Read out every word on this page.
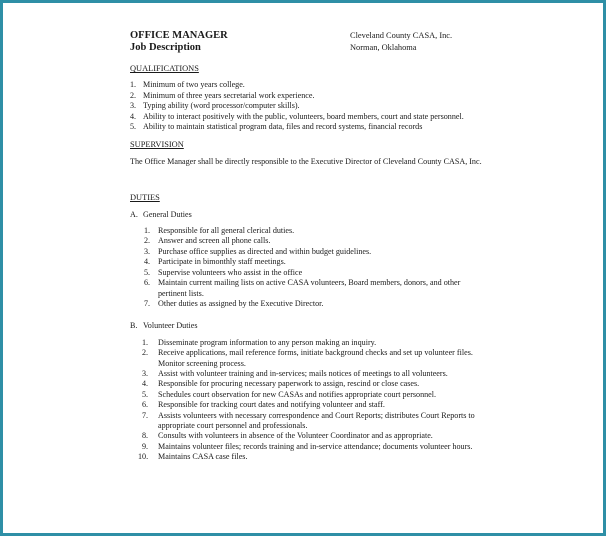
OFFICE MANAGER
Job Description
Cleveland County CASA, Inc.
Norman, Oklahoma
QUALIFICATIONS
1. Minimum of two years college.
2. Minimum of three years secretarial work experience.
3. Typing ability (word processor/computer skills).
4. Ability to interact positively with the public, volunteers, board members, court and state personnel.
5. Ability to maintain statistical program data, files and record systems, financial records
SUPERVISION
The Office Manager shall be directly responsible to the Executive Director of Cleveland County CASA, Inc.
DUTIES
A. General Duties
1. Responsible for all general clerical duties.
2. Answer and screen all phone calls.
3. Purchase office supplies as directed and within budget guidelines.
4. Participate in bimonthly staff meetings.
5. Supervise volunteers who assist in the office
6. Maintain current mailing lists on active CASA volunteers, Board members, donors, and other pertinent lists.
7. Other duties as assigned by the Executive Director.
B. Volunteer Duties
1.	Disseminate program information to any person making an inquiry.
2.	Receive applications, mail reference forms, initiate background checks and set up volunteer files. Monitor screening process.
3.	Assist with volunteer training and in-services; mails notices of meetings to all volunteers.
4.	Responsible for procuring necessary paperwork to assign, rescind or close cases.
5.	Schedules court observation for new CASAs and notifies appropriate court personnel.
6.	Responsible for tracking court dates and notifying volunteer and staff.
7.	Assists volunteers with necessary correspondence and Court Reports; distributes Court Reports to appropriate court personnel and professionals.
8.	Consults with volunteers in absence of the Volunteer Coordinator and as appropriate.
9.	Maintains volunteer files; records training and in-service attendance; documents volunteer hours.
10.	Maintains CASA case files.
